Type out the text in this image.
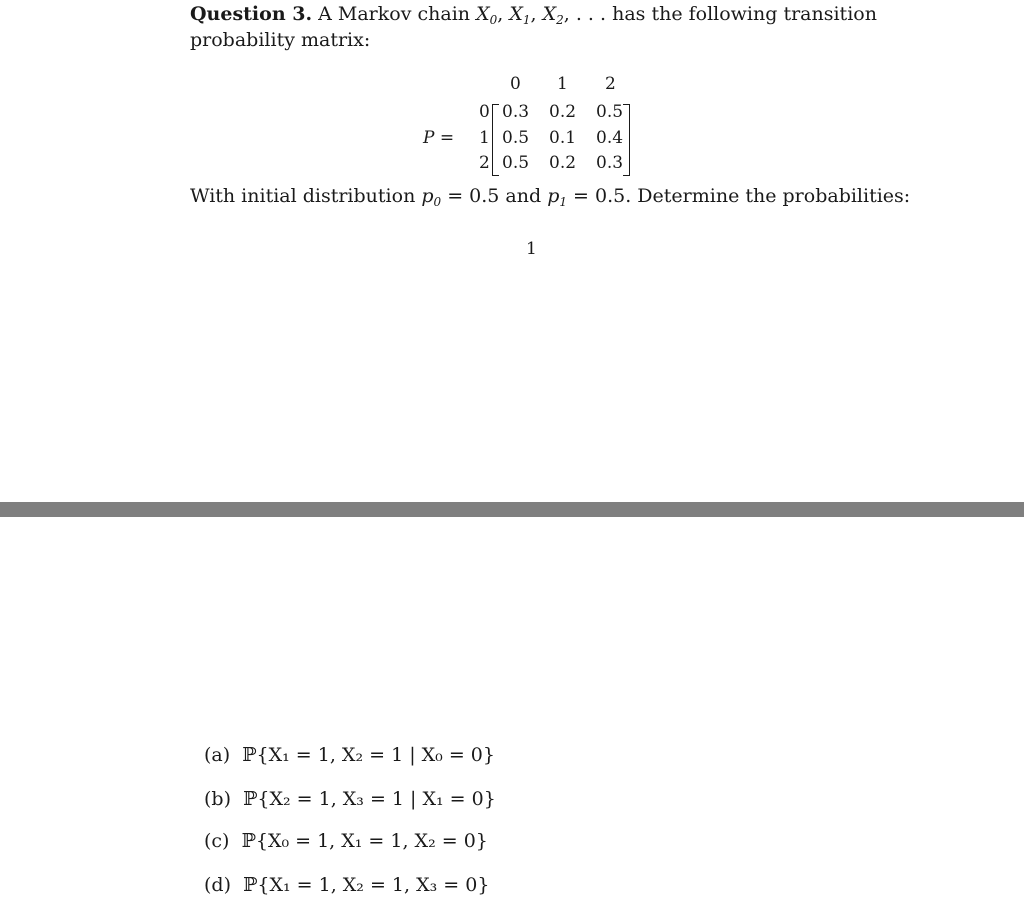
Question 3. A Markov chain $X_0$, $X_1$, $X_2$, . . . has the following transition
probability matrix:
P =
0 1 2
0
1
2
0.3 0.2 0.5
0.5 0.1 0.4
0.5 0.2 0.3
With initial distribution $p_0 = 0.5$ and $p_1 = 0.5$. Determine the probabilities:
1
(a) ℙ{X₁ = 1, X₂ = 1 | X₀ = 0}
(b) ℙ{X₂ = 1, X₃ = 1 | X₁ = 0}
(c) ℙ{X₀ = 1, X₁ = 1, X₂ = 0}
(d) ℙ{X₁ = 1, X₂ = 1, X₃ = 0}
